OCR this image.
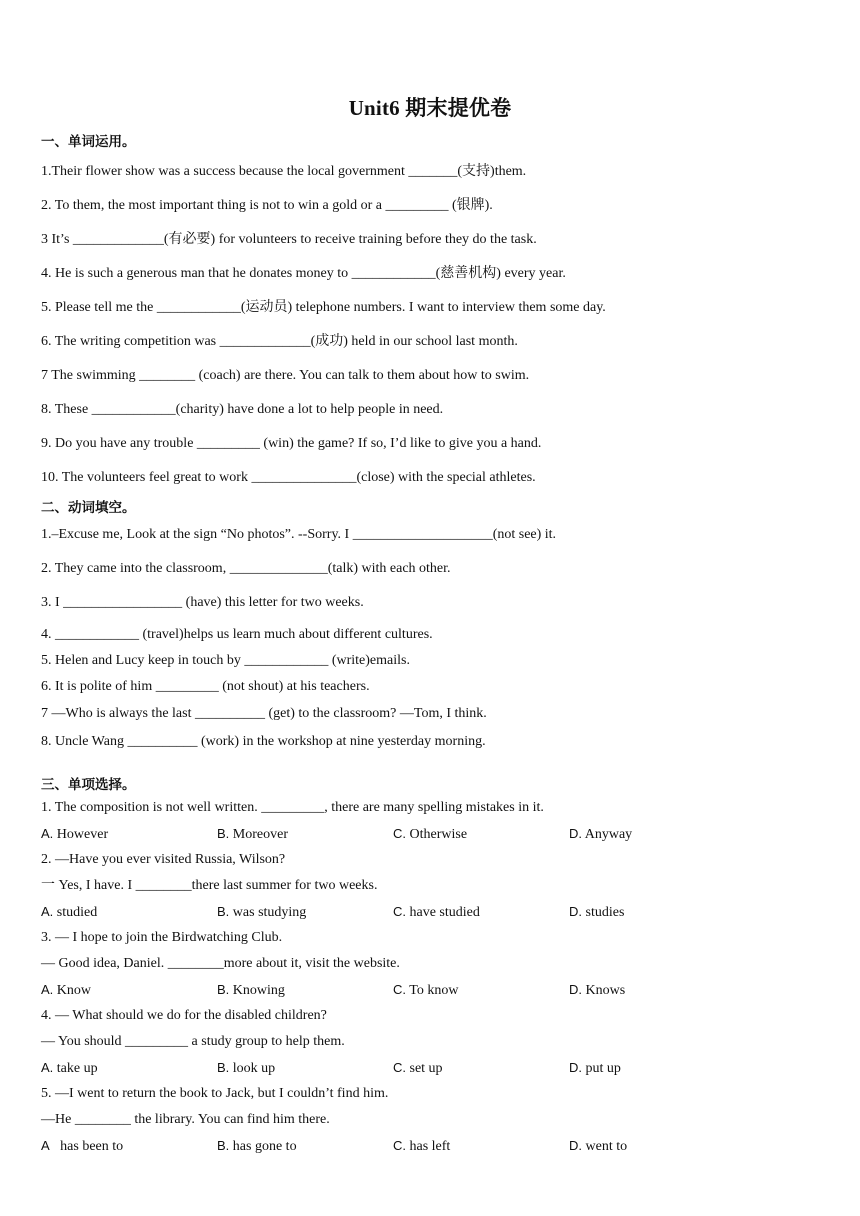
Unit6 期末提优卷
一、单词运用。
1.Their flower show was a success because the local government _______(支持)them.
2. To them, the most important thing is not to win a gold or a _________ (银牌).
3 It’s _____________(有必要) for volunteers to receive training before they do the task.
4. He is such a generous man that he donates money to ____________(慈善机构) every year.
5. Please tell me the ____________(运动员) telephone numbers. I want to interview them some day.
6. The writing competition was _____________(成功) held in our school last month.
7 The swimming ________ (coach) are there. You can talk to them about how to swim.
8. These ____________(charity) have done a lot to help people in need.
9. Do you have any trouble _________ (win) the game? If so, I’d like to give you a hand.
10. The volunteers feel great to work _______________(close) with the special athletes.
二、动词填空。
1.–Excuse me, Look at the sign “No photos”. --Sorry. I ____________________(not see) it.
2. They came into the classroom, ______________(talk) with each other.
3. I _________________ (have) this letter for two weeks.
4. ____________ (travel)helps us learn much about different cultures.
5. Helen and Lucy keep in touch by ____________ (write)emails.
6. It is polite of him _________ (not shout) at his teachers.
7 —Who is always the last __________ (get) to the classroom? —Tom, I think.
8. Uncle Wang __________ (work) in the workshop at nine yesterday morning.
三、单项选择。
1. The composition is not well written. _________, there are many spelling mistakes in it.
A. However	B. Moreover	C. Otherwise	D. Anyway
2. —Have you ever visited Russia, Wilson?
一 Yes, I have. I ________there last summer for two weeks.
A. studied	B. was studying	C. have studied	D. studies
3. — I hope to join the Birdwatching Club.
— Good idea, Daniel. ________more about it, visit the website.
A. Know	B. Knowing	C. To know	D. Knows
4. — What should we do for the disabled children?
— You should _________ a study group to help them.
A. take up	B. look up	C. set up	D. put up
5. —I went to return the book to Jack, but I couldn’t find him.
—He ________ the library. You can find him there.
A   has been to	B. has gone to	C. has left	D. went to
